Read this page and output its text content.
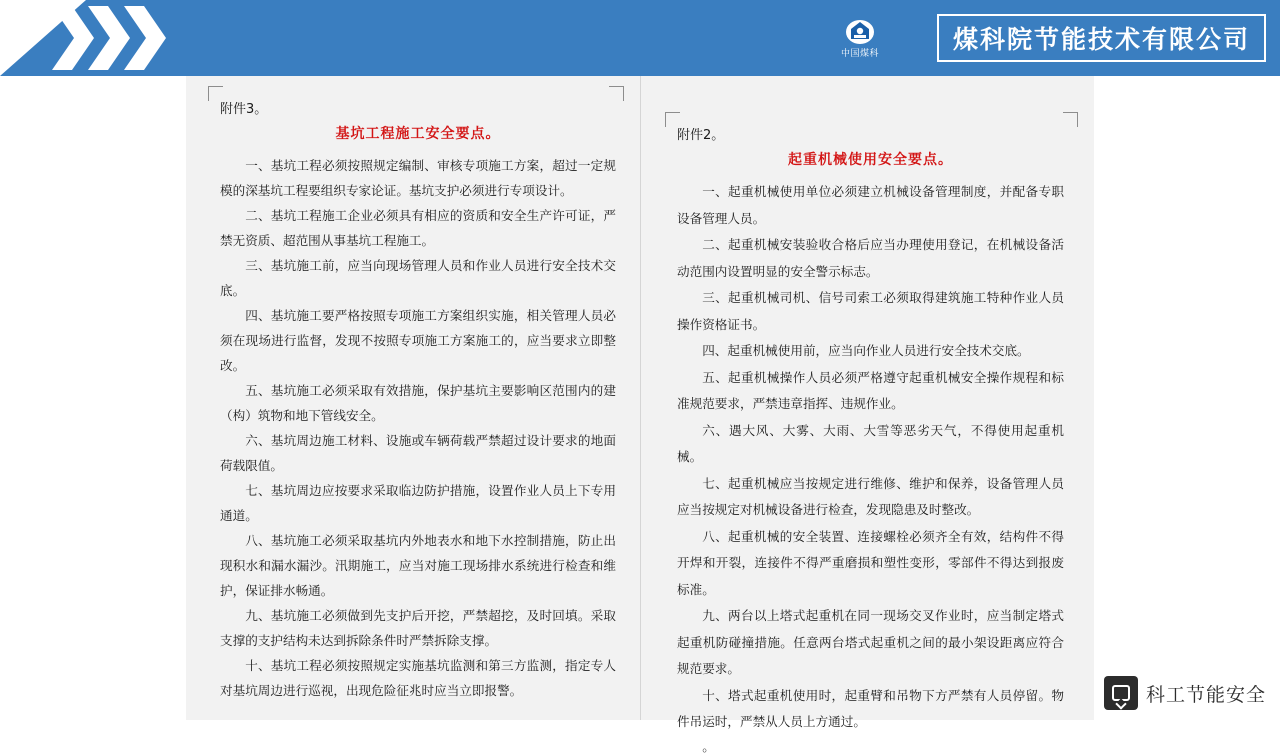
中国煤科	煤科院节能技术有限公司
附件3。
基坑工程施工安全要点。

一、基坑工程必须按照规定编制、审核专项施工方案，超过一定规模的深基坑工程要组织专家论证。基坑支护必须进行专项设计。

二、基坑工程施工企业必须具有相应的资质和安全生产许可证，严禁无资质、超范围从事基坑工程施工。

三、基坑施工前，应当向现场管理人员和作业人员进行安全技术交底。

四、基坑施工要严格按照专项施工方案组织实施，相关管理人员必须在现场进行监督，发现不按照专项施工方案施工的，应当要求立即整改。

五、基坑施工必须采取有效措施，保护基坑主要影响区范围内的建（构）筑物和地下管线安全。

六、基坑周边施工材料、设施或车辆荷载严禁超过设计要求的地面荷载限值。

七、基坑周边应按要求采取临边防护措施，设置作业人员上下专用通道。

八、基坑施工必须采取基坑内外地表水和地下水控制措施，防止出现积水和漏水漏沙。汛期施工，应当对施工现场排水系统进行检查和维护，保证排水畅通。

九、基坑施工必须做到先支护后开挖，严禁超挖，及时回填。采取支撑的支护结构未达到拆除条件时严禁拆除支撑。

十、基坑工程必须按照规定实施基坑监测和第三方监测，指定专人对基坑周边进行巡视，出现危险征兆时应当立即报警。

附件2。
起重机械使用安全要点。

一、起重机械使用单位必须建立机械设备管理制度，并配备专职设备管理人员。

二、起重机械安装验收合格后应当办理使用登记，在机械设备活动范围内设置明显的安全警示标志。

三、起重机械司机、信号司索工必须取得建筑施工特种作业人员操作资格证书。

四、起重机械使用前，应当向作业人员进行安全技术交底。

五、起重机械操作人员必须严格遵守起重机械安全操作规程和标准规范要求，严禁违章指挥、违规作业。

六、遇大风、大雾、大雨、大雪等恶劣天气，不得使用起重机械。

七、起重机械应当按规定进行维修、维护和保养，设备管理人员应当按规定对机械设备进行检查，发现隐患及时整改。

八、起重机械的安全装置、连接螺栓必须齐全有效，结构件不得开焊和开裂，连接件不得严重磨损和塑性变形，零部件不得达到报废标准。

九、两台以上塔式起重机在同一现场交叉作业时，应当制定塔式起重机防碰撞措施。任意两台塔式起重机之间的最小架设距离应符合规范要求。

十、塔式起重机使用时，起重臂和吊物下方严禁有人员停留。物件吊运时，严禁从人员上方通过。

。

科工节能安全
